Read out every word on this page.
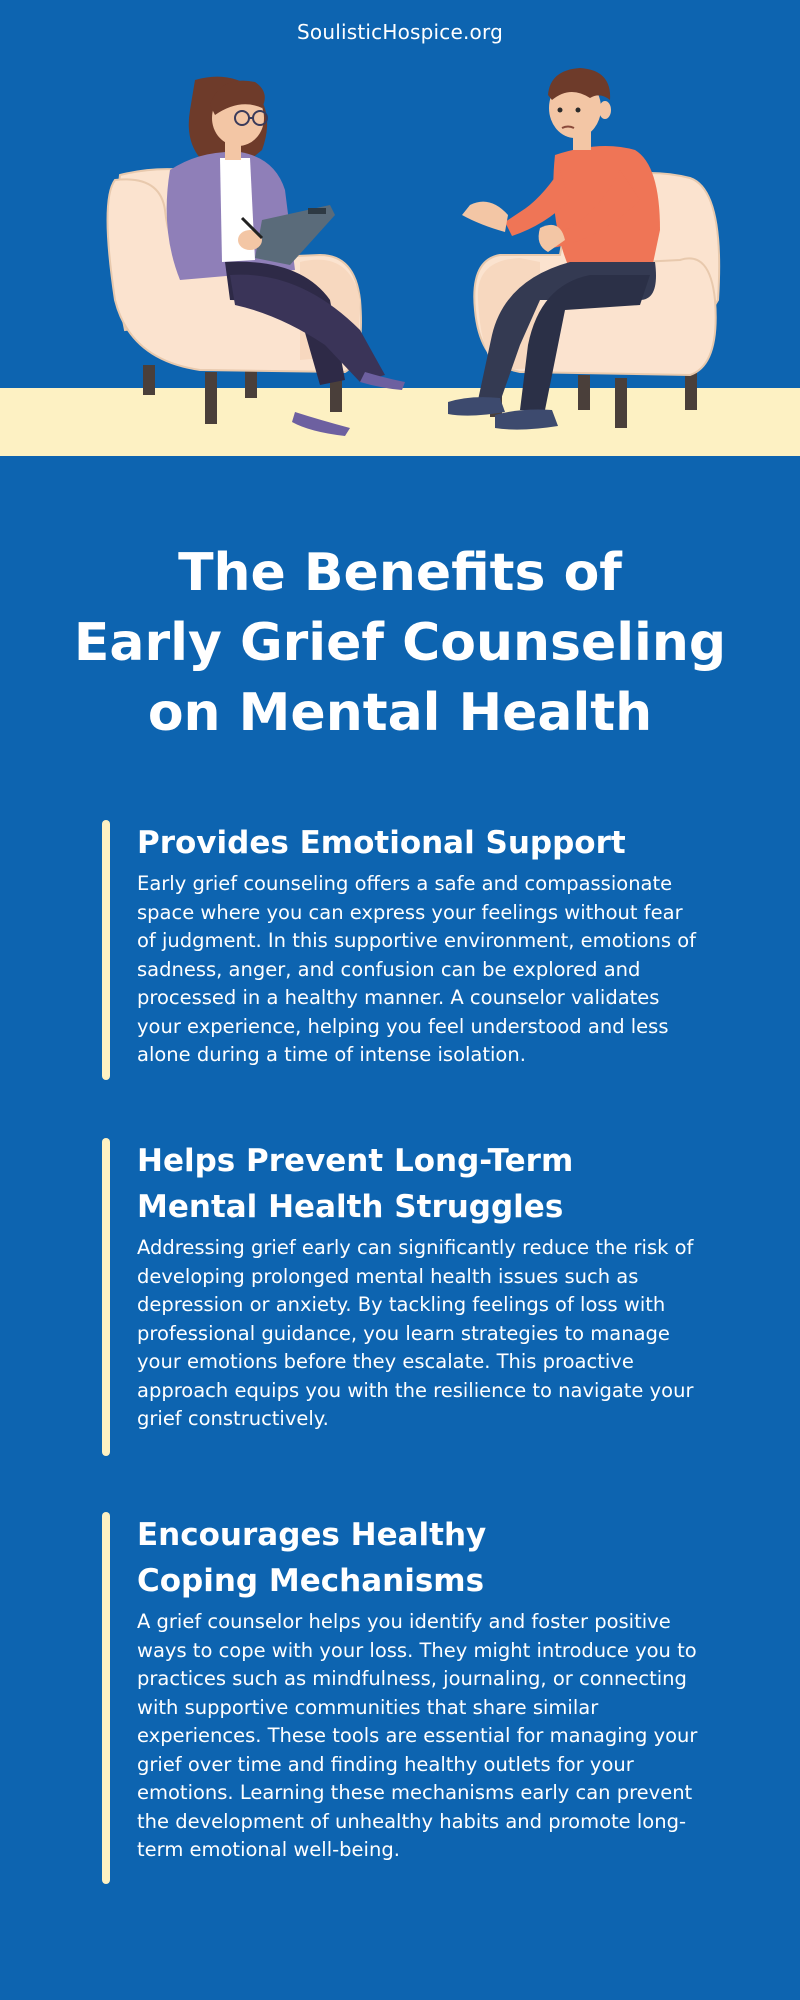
SoulisticHospice.org
The Benefits of
Early Grief Counseling
on Mental Health
Provides Emotional Support

Early grief counseling offers a safe and compassionate space where you can express your feelings without fear of judgment. In this supportive environment, emotions of sadness, anger, and confusion can be explored and processed in a healthy manner. A counselor validates your experience, helping you feel understood and less alone during a time of intense isolation.

Helps Prevent Long-Term
Mental Health Struggles

Addressing grief early can significantly reduce the risk of developing prolonged mental health issues such as depression or anxiety. By tackling feelings of loss with professional guidance, you learn strategies to manage your emotions before they escalate. This proactive approach equips you with the resilience to navigate your grief constructively.

Encourages Healthy
Coping Mechanisms

A grief counselor helps you identify and foster positive ways to cope with your loss. They might introduce you to practices such as mindfulness, journaling, or connecting with supportive communities that share similar experiences. These tools are essential for managing your grief over time and finding healthy outlets for your emotions. Learning these mechanisms early can prevent the development of unhealthy habits and promote long-term emotional well-being.
